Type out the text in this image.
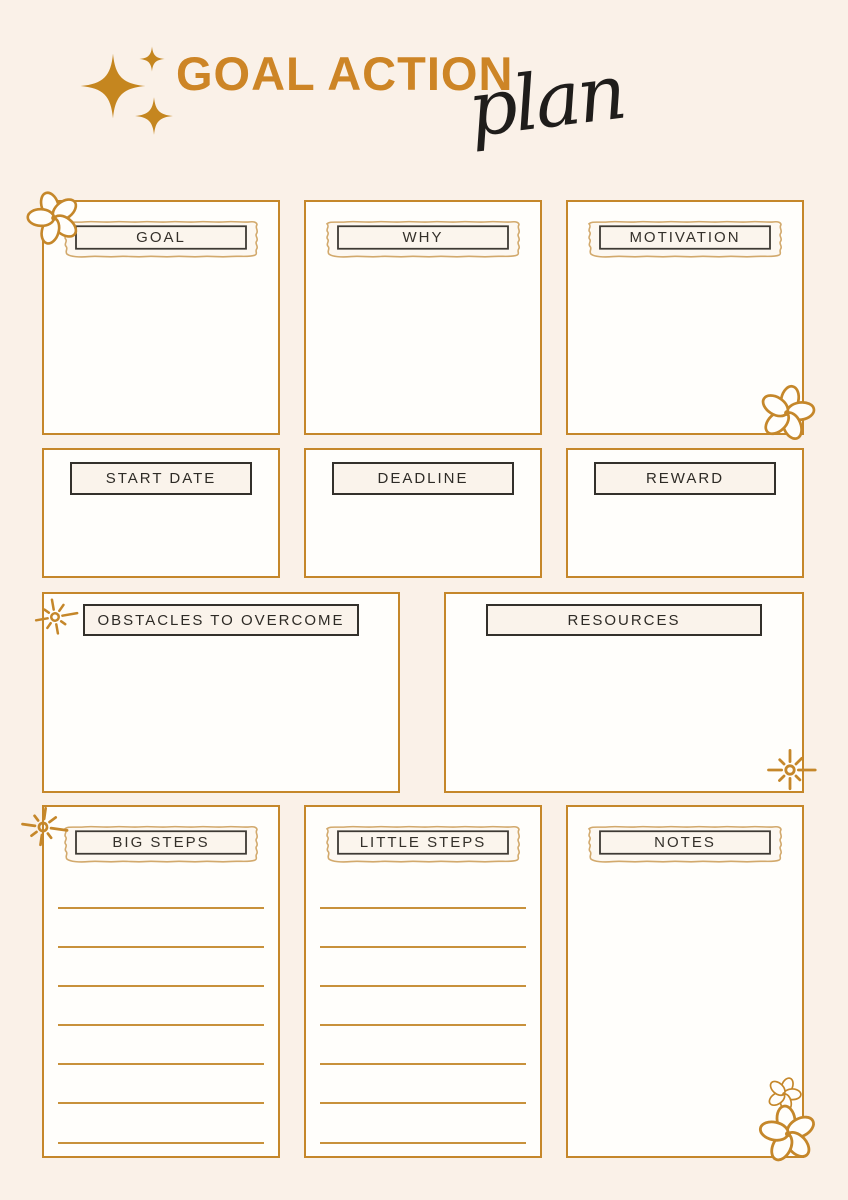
GOAL ACTION
plan
GOAL	WHY	MOTIVATION
START DATE	DEADLINE	REWARD
OBSTACLES TO OVERCOME	RESOURCES
BIG STEPS	LITTLE STEPS	NOTES
